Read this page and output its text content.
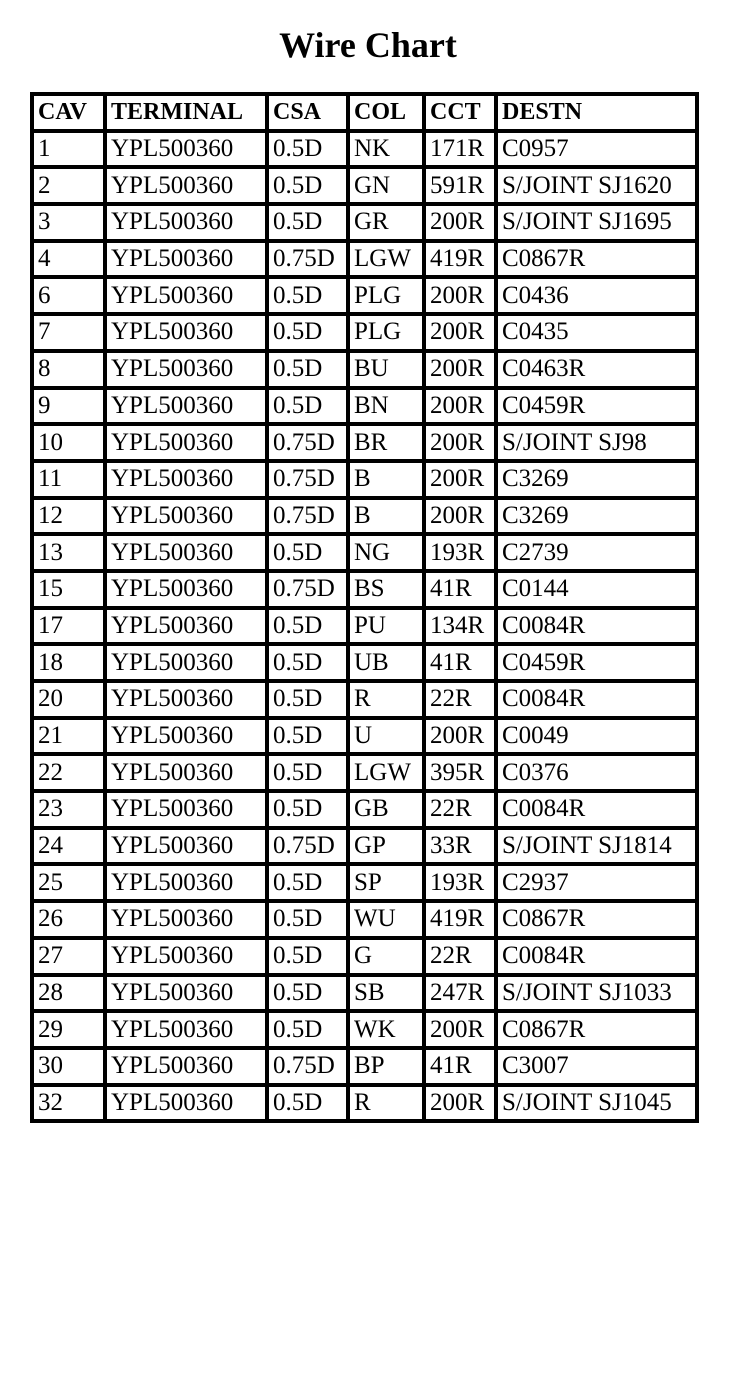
Wire Chart
CAV	TERMINAL	CSA	COL	CCT	DESTN
1	YPL500360	0.5D	NK	171R	C0957
2	YPL500360	0.5D	GN	591R	S/JOINT SJ1620
3	YPL500360	0.5D	GR	200R	S/JOINT SJ1695
4	YPL500360	0.75D	LGW	419R	C0867R
6	YPL500360	0.5D	PLG	200R	C0436
7	YPL500360	0.5D	PLG	200R	C0435
8	YPL500360	0.5D	BU	200R	C0463R
9	YPL500360	0.5D	BN	200R	C0459R
10	YPL500360	0.75D	BR	200R	S/JOINT SJ98
11	YPL500360	0.75D	B	200R	C3269
12	YPL500360	0.75D	B	200R	C3269
13	YPL500360	0.5D	NG	193R	C2739
15	YPL500360	0.75D	BS	41R	C0144
17	YPL500360	0.5D	PU	134R	C0084R
18	YPL500360	0.5D	UB	41R	C0459R
20	YPL500360	0.5D	R	22R	C0084R
21	YPL500360	0.5D	U	200R	C0049
22	YPL500360	0.5D	LGW	395R	C0376
23	YPL500360	0.5D	GB	22R	C0084R
24	YPL500360	0.75D	GP	33R	S/JOINT SJ1814
25	YPL500360	0.5D	SP	193R	C2937
26	YPL500360	0.5D	WU	419R	C0867R
27	YPL500360	0.5D	G	22R	C0084R
28	YPL500360	0.5D	SB	247R	S/JOINT SJ1033
29	YPL500360	0.5D	WK	200R	C0867R
30	YPL500360	0.75D	BP	41R	C3007
32	YPL500360	0.5D	R	200R	S/JOINT SJ1045
